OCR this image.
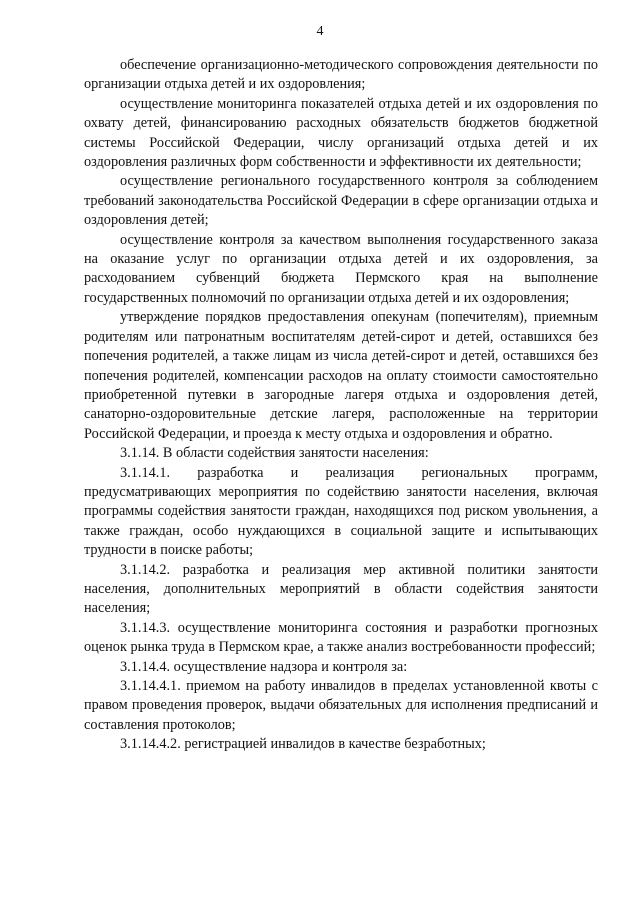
4

обеспечение организационно-методического сопровождения деятельности по организации отдыха детей и их оздоровления;

осуществление мониторинга показателей отдыха детей и их оздоровления по охвату детей, финансированию расходных обязательств бюджетов бюджетной системы Российской Федерации, числу организаций отдыха детей и их оздоровления различных форм собственности и эффективности их деятельности;

осуществление регионального государственного контроля за соблюдением требований законодательства Российской Федерации в сфере организации отдыха и оздоровления детей;

осуществление контроля за качеством выполнения государственного заказа на оказание услуг по организации отдыха детей и их оздоровления, за расходованием субвенций бюджета Пермского края на выполнение государственных полномочий по организации отдыха детей и их оздоровления;

утверждение порядков предоставления опекунам (попечителям), приемным родителям или патронатным воспитателям детей-сирот и детей, оставшихся без попечения родителей, а также лицам из числа детей-сирот и детей, оставшихся без попечения родителей, компенсации расходов на оплату стоимости самостоятельно приобретенной путевки в загородные лагеря отдыха и оздоровления детей, санаторно-оздоровительные детские лагеря, расположенные на территории Российской Федерации, и проезда к месту отдыха и оздоровления и обратно.

3.1.14. В области содействия занятости населения:

3.1.14.1. разработка и реализация региональных программ, предусматривающих мероприятия по содействию занятости населения, включая программы содействия занятости граждан, находящихся под риском увольнения, а также граждан, особо нуждающихся в социальной защите и испытывающих трудности в поиске работы;

3.1.14.2. разработка и реализация мер активной политики занятости населения, дополнительных мероприятий в области содействия занятости населения;

3.1.14.3. осуществление мониторинга состояния и разработки прогнозных оценок рынка труда в Пермском крае, а также анализ востребованности профессий;

3.1.14.4. осуществление надзора и контроля за:

3.1.14.4.1. приемом на работу инвалидов в пределах установленной квоты с правом проведения проверок, выдачи обязательных для исполнения предписаний и составления протоколов;

3.1.14.4.2. регистрацией инвалидов в качестве безработных;
